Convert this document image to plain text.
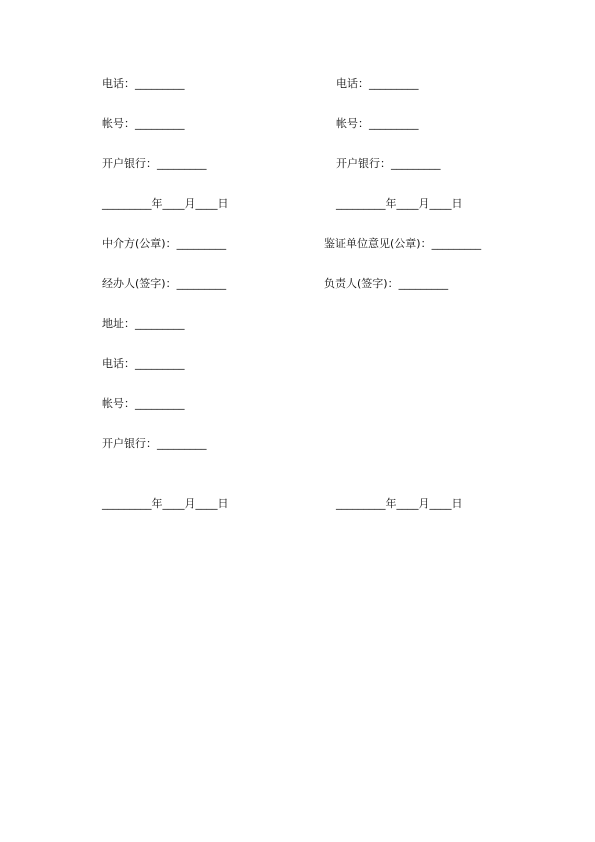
电话：_________	电话：_________
帐号：_________	帐号：_________
开户银行：_________	开户银行：_________
_________年____月____日	_________年____月____日
中介方(公章)：_________	鉴证单位意见(公章)：_________
经办人(签字)：_________	负责人(签字)：_________
地址：_________
电话：_________
帐号：_________
开户银行：_________
_________年____月____日	_________年____月____日
